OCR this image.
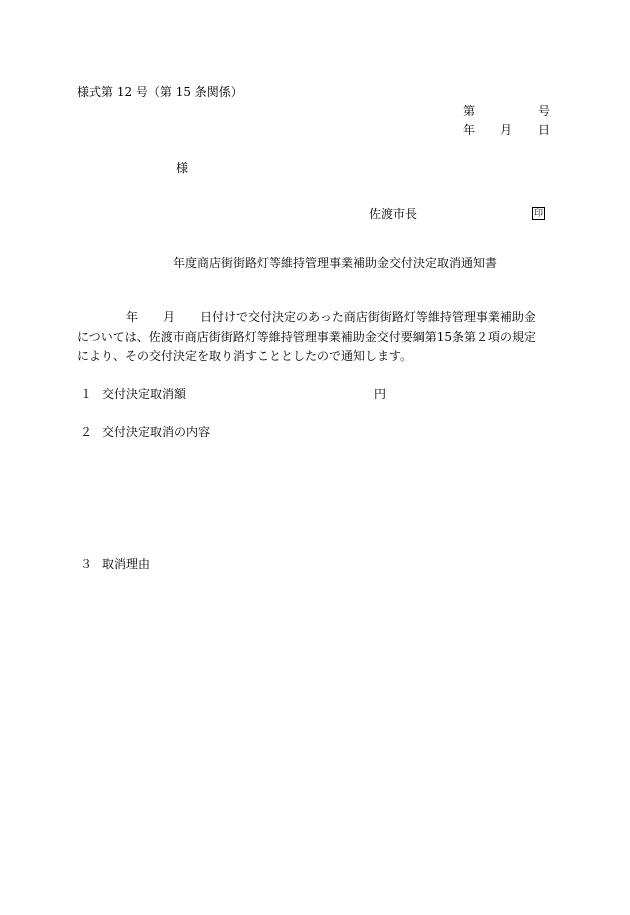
様式第 12 号（第 15 条関係）
第	号
年 月 日
様
佐渡市長	印
年度商店街街路灯等維持管理事業補助金交付決定取消通知書
年 月 日付けで交付決定のあった商店街街路灯等維持管理事業補助金
については、佐渡市商店街街路灯等維持管理事業補助金交付要綱第15条第２項の規定
により、その交付決定を取り消すこととしたので通知します。
１ 交付決定取消額	円
２ 交付決定取消の内容
３ 取消理由
